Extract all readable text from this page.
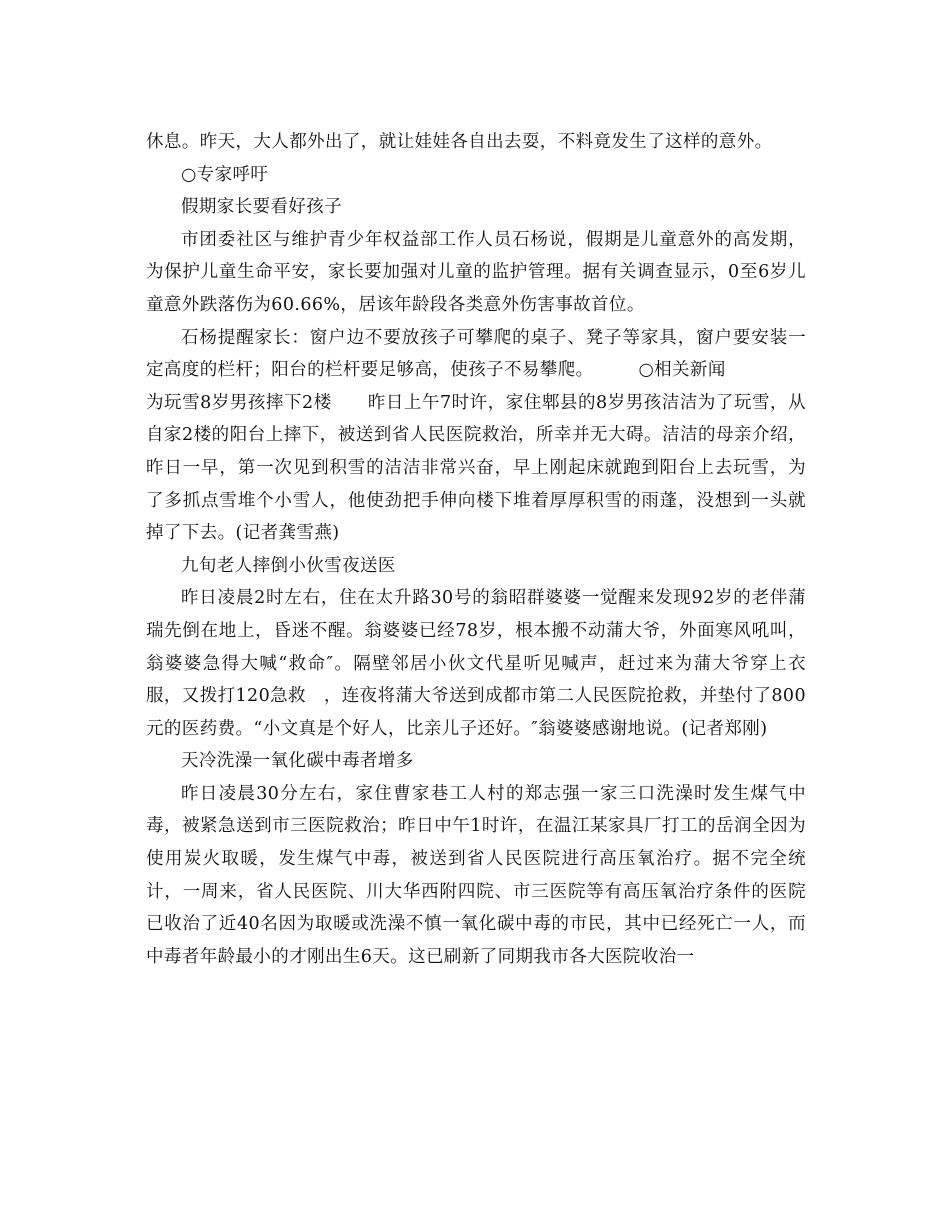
休息。昨天，大人都外出了，就让娃娃各自出去耍，不料竟发生了这样的意外。

○专家呼吁

假期家长要看好孩子

市团委社区与维护青少年权益部工作人员石杨说，假期是儿童意外的高发期，为保护儿童生命平安，家长要加强对儿童的监护管理。据有关调查显示，0至6岁儿童意外跌落伤为60.66%，居该年龄段各类意外伤害事故首位。

石杨提醒家长：窗户边不要放孩子可攀爬的桌子、凳子等家具，窗户要安装一定高度的栏杆；阳台的栏杆要足够高，使孩子不易攀爬。　　　○相关新闻

为玩雪8岁男孩摔下2楼　　昨日上午7时许，家住郫县的8岁男孩洁洁为了玩雪，从自家2楼的阳台上摔下，被送到省人民医院救治，所幸并无大碍。洁洁的母亲介绍，昨日一早，第一次见到积雪的洁洁非常兴奋，早上刚起床就跑到阳台上去玩雪，为了多抓点雪堆个小雪人，他使劲把手伸向楼下堆着厚厚积雪的雨蓬，没想到一头就掉了下去。(记者龚雪燕)

九旬老人摔倒小伙雪夜送医

昨日凌晨2时左右，住在太升路30号的翁昭群婆婆一觉醒来发现92岁的老伴蒲瑞先倒在地上，昏迷不醒。翁婆婆已经78岁，根本搬不动蒲大爷，外面寒风吼叫，翁婆婆急得大喊“救命″。隔壁邻居小伙文代星听见喊声，赶过来为蒲大爷穿上衣服，又拨打120急救　，连夜将蒲大爷送到成都市第二人民医院抢救，并垫付了800元的医药费。“小文真是个好人，比亲儿子还好。″翁婆婆感谢地说。(记者郑刚)

天冷洗澡一氧化碳中毒者增多

昨日凌晨30分左右，家住曹家巷工人村的郑志强一家三口洗澡时发生煤气中毒，被紧急送到市三医院救治；昨日中午1时许，在温江某家具厂打工的岳润全因为使用炭火取暖，发生煤气中毒，被送到省人民医院进行高压氧治疗。据不完全统计，一周来，省人民医院、川大华西附四院、市三医院等有高压氧治疗条件的医院已收治了近40名因为取暖或洗澡不慎一氧化碳中毒的市民，其中已经死亡一人，而中毒者年龄最小的才刚出生6天。这已刷新了同期我市各大医院收治一
